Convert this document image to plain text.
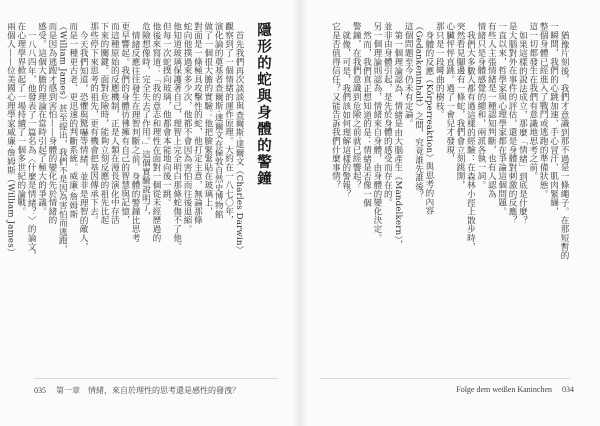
隱形的蛇與身體的警鐘
首先我們再次談談與查爾斯‧達爾文（Charles Darwin）
觀察到了一個情緒的運作原理。大約在一八七〇年，
演化論的奠基者查爾斯‧達爾文在倫敦自然史博物館
做了一個很大膽的實驗：他把臉緊緊貼在玻璃上，
對面是一條極具攻擊性的蛇，他打定主意，無論那條
蛇向他撲過來多少次，他都不會因為害怕而往後退縮。
他知道玻璃保護著自己，理智上完全明白那條蛇傷不了他。
但每一次蛇撲向玻璃，他都會本能地向後一跳。
他後來寫道：「我的意志和理性在面對一個從未經歷過的
危險想像時，完全失去了作用。」這個實驗說明了，
情緒反應往往發生在理智判斷之前，身體的警鐘比思考
更早響起。我們的身體彷彿擁有自己的智慧與記憶，
而這種原始的反應機制，正是人類在漫長演化中存活
下來的關鍵。面對危險時，能夠立刻反應的祖先比起
那些停下來思考的祖先，更有機會把基因傳承下去。
今天我們知道，恐懼與驚嚇等情緒，並非是理智的敵人，
而是一種更古老、更迅速的判斷系統。威廉‧詹姆斯
（William James）甚至提出，我們不是因為害怕而逃跑，
而是因為逃跑才感到害怕——身體的變化先於情緒的
感受。這個大膽的理論在當時引起了極大的爭議。
一八八四年，他發表了一篇名為〈什麼是情緒？〉的論文，
在心理學界掀起了一場持續了一個多世紀的論戰。
兩個人——位美國心理學家威廉‧詹姆斯（William James）
035 第一章　情緒，來自於理性的思考還是感性的發洩？
猶豫片刻後，我們才意識到那不過是一條繩子。在那短暫的
一瞬間，我們的心跳加速、手心冒汗、肌肉緊繃，
整個身體已經進入了戰鬥或逃跑的準備狀態。
這一切都發生在我們有意識地思考之前。
如果這樣的說法成立，那麼「情緒」到底是什麼？
是大腦對外在事件的評估，還是身體對刺激的反應？
一直以來，哲學家與心理學家都在爭論這個問題。
有些人主張情緒是一種認知判斷，也有人認為
情緒只是身體感覺的總和，兩派各執一詞。
我們大多數人都有過這樣的經驗：在森林小徑上散步時，
突然看見腳邊有一條蛇，我們會立刻跳開，
心臟怦怦直跳。過了一會兒才發現，
那只是一段彎曲的樹枝。
身體的反應（Körperreaktion）與思考的內容
（Gedankeninhalt）之間，究竟誰先誰後？
這個問題至今仍未有定論。
第一個理論認為，情緒是由大腦產生（Mandelkern），
並非由身體引起，是先於身體的感受而存在的。
另一個理論則認為，情緒來自身體，由身體的變化決定。
然而，我們真正想知道的是：情緒是否像一個
警鐘，在我們意識到危險之前就已經響起？
就像，可是，我們該如何理解這樣的警報？
它是否值得信任？又能告訴我們什麼事情？
Folge dem weißen Kaninchen 034
